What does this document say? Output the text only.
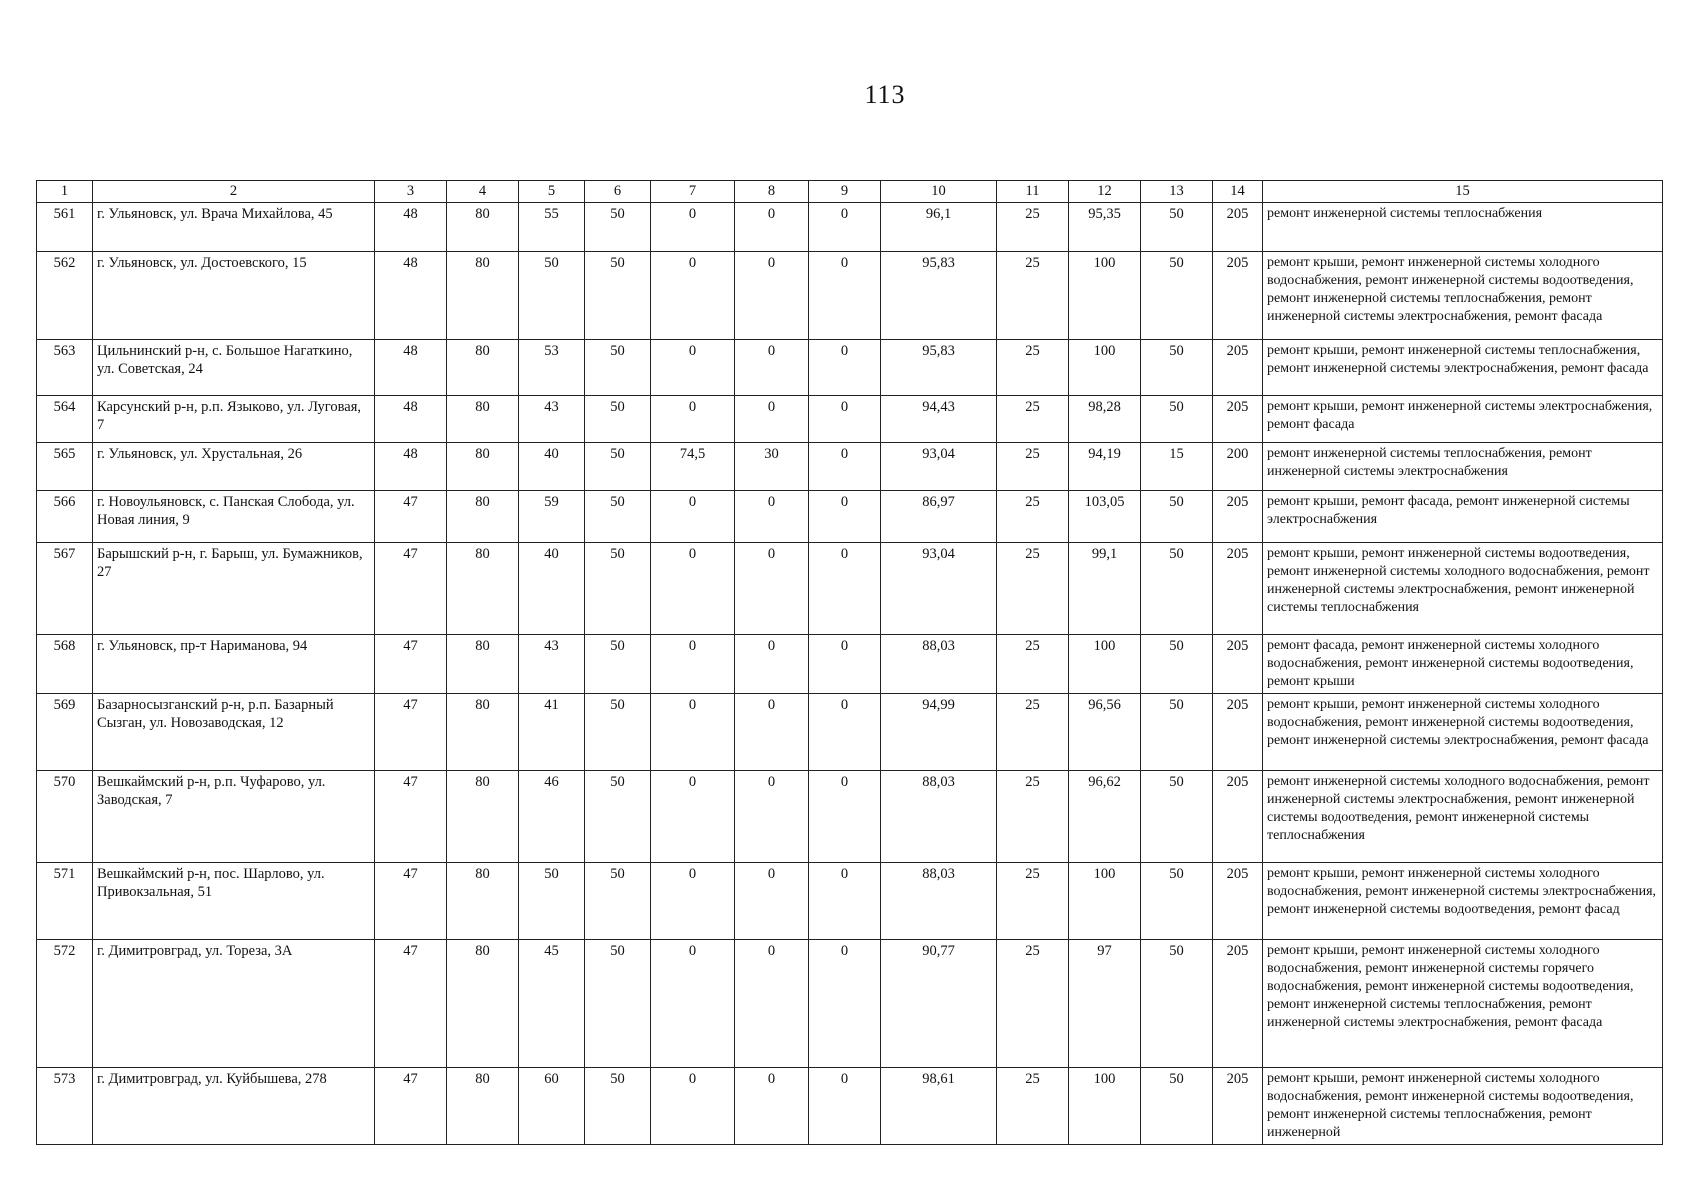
113
1	2	3	4	5	6	7	8	9	10	11	12	13	14	15
561	г. Ульяновск, ул. Врача Михайлова, 45	48	80	55	50	0	0	0	96,1	25	95,35	50	205	ремонт инженерной системы теплоснабжения
562	г. Ульяновск, ул. Достоевского, 15	48	80	50	50	0	0	0	95,83	25	100	50	205	ремонт крыши, ремонт инженерной системы холодного водоснабжения, ремонт инженерной системы водоотведения, ремонт инженерной системы теплоснабжения, ремонт инженерной системы электроснабжения, ремонт фасада
563	Цильнинский р-н, с. Большое Нагаткино, ул. Советская, 24	48	80	53	50	0	0	0	95,83	25	100	50	205	ремонт крыши, ремонт инженерной системы теплоснабжения, ремонт инженерной системы электроснабжения, ремонт фасада
564	Карсунский р-н, р.п. Языково, ул. Луговая, 7	48	80	43	50	0	0	0	94,43	25	98,28	50	205	ремонт крыши, ремонт инженерной системы электроснабжения, ремонт фасада
565	г. Ульяновск, ул. Хрустальная, 26	48	80	40	50	74,5	30	0	93,04	25	94,19	15	200	ремонт инженерной системы теплоснабжения, ремонт инженерной системы электроснабжения
566	г. Новоульяновск, с. Панская Слобода, ул. Новая линия, 9	47	80	59	50	0	0	0	86,97	25	103,05	50	205	ремонт крыши, ремонт фасада, ремонт инженерной системы электроснабжения
567	Барышский р-н, г. Барыш, ул. Бумажников, 27	47	80	40	50	0	0	0	93,04	25	99,1	50	205	ремонт крыши, ремонт инженерной системы водоотведения, ремонт инженерной системы холодного водоснабжения, ремонт инженерной системы электроснабжения, ремонт инженерной системы теплоснабжения
568	г. Ульяновск, пр-т Нариманова, 94	47	80	43	50	0	0	0	88,03	25	100	50	205	ремонт фасада, ремонт инженерной системы холодного водоснабжения, ремонт инженерной системы водоотведения, ремонт крыши
569	Базарносызганский р-н, р.п. Базарный Сызган, ул. Новозаводская, 12	47	80	41	50	0	0	0	94,99	25	96,56	50	205	ремонт крыши, ремонт инженерной системы холодного водоснабжения, ремонт инженерной системы водоотведения, ремонт инженерной системы электроснабжения, ремонт фасада
570	Вешкаймский р-н, р.п. Чуфарово, ул. Заводская, 7	47	80	46	50	0	0	0	88,03	25	96,62	50	205	ремонт инженерной системы холодного водоснабжения, ремонт инженерной системы электроснабжения, ремонт инженерной системы водоотведения, ремонт инженерной системы теплоснабжения
571	Вешкаймский р-н, пос. Шарлово, ул. Привокзальная, 51	47	80	50	50	0	0	0	88,03	25	100	50	205	ремонт крыши, ремонт инженерной системы холодного водоснабжения, ремонт инженерной системы электроснабжения, ремонт инженерной системы водоотведения, ремонт фасад
572	г. Димитровград, ул. Тореза, 3А	47	80	45	50	0	0	0	90,77	25	97	50	205	ремонт крыши, ремонт инженерной системы холодного водоснабжения, ремонт инженерной системы горячего водоснабжения, ремонт инженерной системы водоотведения, ремонт инженерной системы теплоснабжения, ремонт инженерной системы электроснабжения, ремонт фасада
573	г. Димитровград, ул. Куйбышева, 278	47	80	60	50	0	0	0	98,61	25	100	50	205	ремонт крыши, ремонт инженерной системы холодного водоснабжения, ремонт инженерной системы водоотведения, ремонт инженерной системы теплоснабжения, ремонт инженерной
